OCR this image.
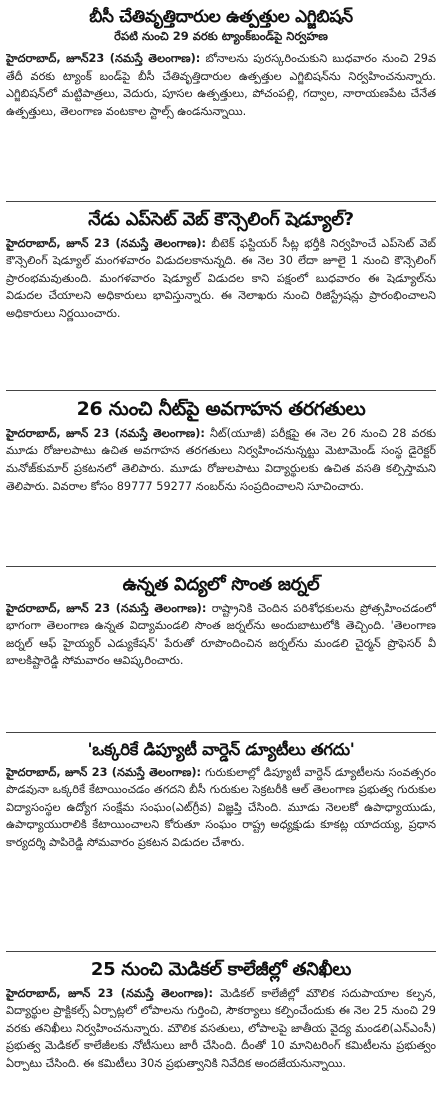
బీసీ చేతివృత్తిదారుల ఉత్పత్తుల ఎగ్జిబిషన్
రేపటి నుంచి 29 వరకు ట్యాంక్‌బండ్‌పై నిర్వహణ

హైదరాబాద్, జూన్23 (నమస్తే తెలంగాణ): బోనాలను పురస్కరించుకుని బుధవారం నుంచి 29వ తేదీ వరకు ట్యాంక్ బండ్‌పై బీసీ చేతివృత్తిదారుల ఉత్పత్తుల ఎగ్జిబిషన్‌ను నిర్వహించనున్నారు. ఎగ్జిబిషన్‌లో మట్టిపాత్రలు, వెదురు, పూసల ఉత్పత్తులు, పోచంపల్లి, గద్వాల, నారాయణపేట చేనేత ఉత్పత్తులు, తెలంగాణ వంటకాల స్టాల్స్ ఉండనున్నాయి.

నేడు ఎప్‌సెట్ వెబ్ కౌన్సెలింగ్ షెడ్యూల్?

హైదరాబాద్, జూన్ 23 (నమస్తే తెలంగాణ): బీటెక్ ఫస్టియర్ సీట్ల భర్తీకి నిర్వహించే ఎప్‌సెట్ వెబ్ కౌన్సెలింగ్ షెడ్యూల్ మంగళవారం విడుదలకానున్నది. ఈ నెల 30 లేదా జూలై 1 నుంచి కౌన్సెలింగ్ ప్రారంభమవుతుంది. మంగళవారం షెడ్యూల్ విడుదల కాని పక్షంలో బుధవారం ఈ షెడ్యూల్‌ను విడుదల చేయాలని అధికారులు భావిస్తున్నారు. ఈ నెలాఖరు నుంచి రిజిస్ట్రేషన్లు ప్రారంభించాలని అధికారులు నిర్ణయించారు.

26 నుంచి నీట్‌పై అవగాహన తరగతులు

హైదరాబాద్, జూన్ 23 (నమస్తే తెలంగాణ): నీట్(యూజీ) పరీక్షపై ఈ నెల 26 నుంచి 28 వరకు మూడు రోజులపాటు ఉచిత అవగాహన తరగతులు నిర్వహించనున్నట్టు మెటామెండ్ సంస్థ డైరెక్టర్ మనోజ్‌కుమార్ ప్రకటనలో తెలిపారు. మూడు రోజులపాటు విద్యార్థులకు ఉచిత వసతి కల్పిస్తామని తెలిపారు. వివరాల కోసం 89777 59277 నంబర్‌ను సంప్రదించాలని సూచించారు.

ఉన్నత విద్యలో సొంత జర్నల్

హైదరాబాద్, జూన్ 23 (నమస్తే తెలంగాణ): రాష్ట్రానికి చెందిన పరిశోధకులను ప్రోత్సహించడంలో భాగంగా తెలంగాణ ఉన్నత విద్యామండలి సొంత జర్నల్‌ను అందుబాటులోకి తెచ్చింది. 'తెలంగాణ జర్నల్ ఆఫ్ హైయ్యర్ ఎడ్యుకేషన్' పేరుతో రూపొందించిన జర్నల్‌ను మండలి చైర్మన్ ప్రొఫెసర్ వీ బాలకిష్టారెడ్డి సోమవారం ఆవిష్కరించారు.

'ఒక్కరికే డిప్యూటీ వార్డెన్ డ్యూటీలు తగదు'

హైదరాబాద్, జూన్ 23 (నమస్తే తెలంగాణ): గురుకులాల్లో డిప్యూటీ వార్డెన్ డ్యూటీలను సంవత్సరం పొడవునా ఒక్కరికే కేటాయించడం తగదని బీసీ గురుకుల సెక్రటరీకి ఆల్ తెలంగాణ ప్రభుత్వ గురుకుల విద్యాసంస్థల ఉద్యోగ సంక్షేమ సంఘం(ఎట్‌గ్రీవ) విజ్ఞప్తి చేసింది. మూడు నెలలకో ఉపాధ్యాయుడు, ఉపాధ్యాయురాలికి కేటాయించాలని కోరుతూ సంఘం రాష్ట్ర అధ్యక్షుడు కూకట్ల యాదయ్య, ప్రధాన కార్యదర్శి పాపిరెడ్డి సోమవారం ప్రకటన విడుదల చేశారు.

25 నుంచి మెడికల్ కాలేజీల్లో తనిఖీలు

హైదరాబాద్, జూన్ 23 (నమస్తే తెలంగాణ): మెడికల్ కాలేజీల్లో మౌలిక సదుపాయాల కల్పన, విద్యార్థుల ప్రాక్టికల్స్ ఏర్పాట్లలో లోపాలను గుర్తించి, సౌకర్యాలు కల్పించేందుకు ఈ నెల 25 నుంచి 29 వరకు తనిఖీలు నిర్వహించనున్నారు. మౌలిక వసతులు, లోపాలపై జాతీయ వైద్య మండలి(ఎన్ఎంసీ) ప్రభుత్వ మెడికల్ కాలేజీలకు నోటీసులు జారీ చేసింది. దీంతో 10 మానిటరింగ్ కమిటీలను ప్రభుత్వం ఏర్పాటు చేసింది. ఈ కమిటీలు 30న ప్రభుత్వానికి నివేదిక అందజేయనున్నాయి.
